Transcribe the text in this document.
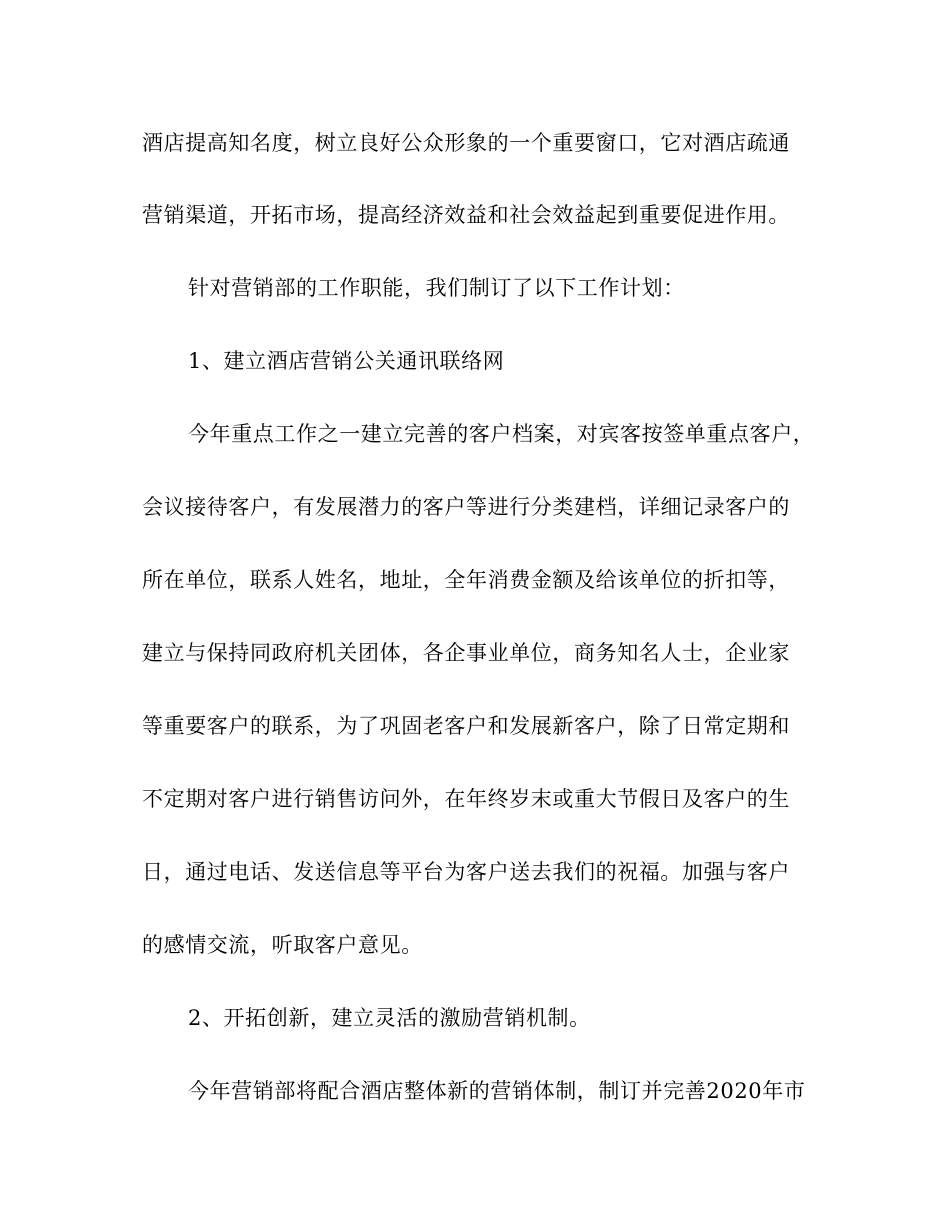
酒店提高知名度，树立良好公众形象的一个重要窗口，它对酒店疏通
营销渠道，开拓市场，提高经济效益和社会效益起到重要促进作用。
针对营销部的工作职能，我们制订了以下工作计划：
1、建立酒店营销公关通讯联络网
今年重点工作之一建立完善的客户档案，对宾客按签单重点客户，
会议接待客户，有发展潜力的客户等进行分类建档，详细记录客户的
所在单位，联系人姓名，地址，全年消费金额及给该单位的折扣等，
建立与保持同政府机关团体，各企事业单位，商务知名人士，企业家
等重要客户的联系，为了巩固老客户和发展新客户，除了日常定期和
不定期对客户进行销售访问外，在年终岁末或重大节假日及客户的生
日，通过电话、发送信息等平台为客户送去我们的祝福。加强与客户
的感情交流，听取客户意见。
2、开拓创新，建立灵活的激励营销机制。
今年营销部将配合酒店整体新的营销体制，制订并完善2020年市
